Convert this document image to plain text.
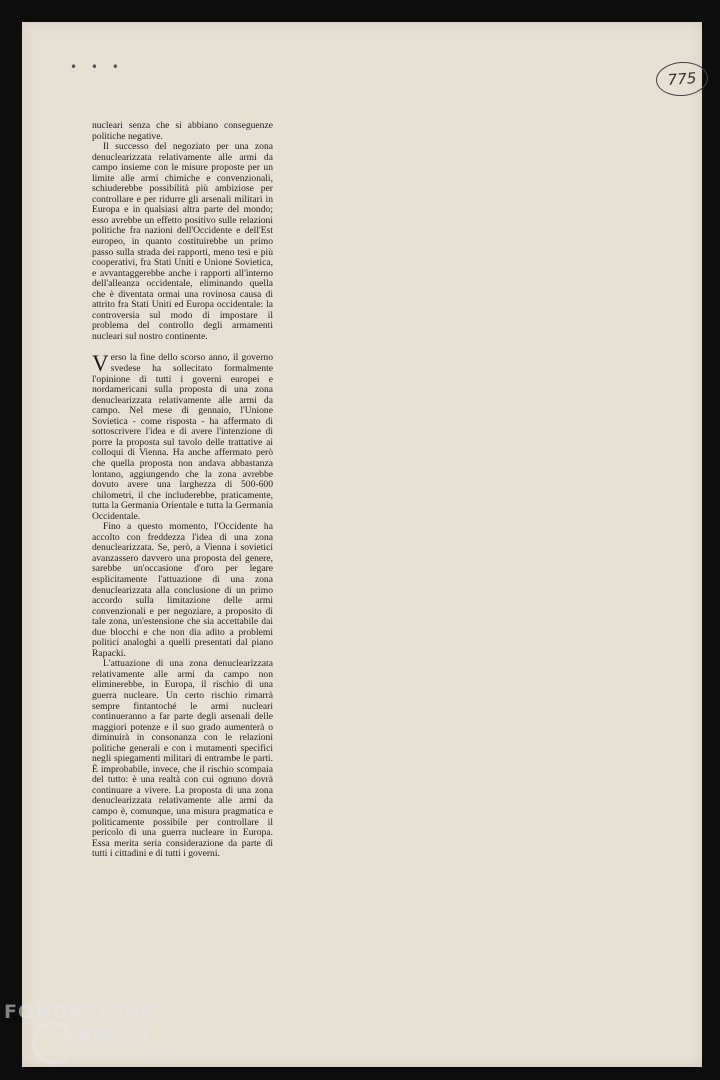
• • •
775

nucleari senza che si abbiano conseguenze politiche negative.

Il successo del negoziato per una zona denuclearizzata relativamente alle armi da campo insieme con le misure proposte per un limite alle armi chimiche e convenzionali, schiuderebbe possibilità più ambiziose per controllare e per ridurre gli arsenali militari in Europa e in qualsiasi altra parte del mondo; esso avrebbe un effetto positivo sulle relazioni politiche fra nazioni dell'Occidente e dell'Est europeo, in quanto costituirebbe un primo passo sulla strada dei rapporti, meno tesi e più cooperativi, fra Stati Uniti e Unione Sovietica, e avvantaggerebbe anche i rapporti all'interno dell'alleanza occidentale, eliminando quella che è diventata ormai una rovinosa causa di attrito fra Stati Uniti ed Europa occidentale: la controversia sul modo di impostare il problema del controllo degli armamenti nucleari sul nostro continente.

Verso la fine dello scorso anno, il governo svedese ha sollecitato formalmente l'opinione di tutti i governi europei e nordamericani sulla proposta di una zona denuclearizzata relativamente alle armi da campo. Nel mese di gennaio, l'Unione Sovietica - come risposta - ha affermato di sottoscrivere l'idea e di avere l'intenzione di porre la proposta sul tavolo delle trattative ai colloqui di Vienna. Ha anche affermato però che quella proposta non andava abbastanza lontano, aggiungendo che la zona avrebbe dovuto avere una larghezza di 500-600 chilometri, il che includerebbe, praticamente, tutta la Germania Orientale e tutta la Germania Occidentale.

Fino a questo momento, l'Occidente ha accolto con freddezza l'idea di una zona denuclearizzata. Se, però, a Vienna i sovietici avanzassero davvero una proposta del genere, sarebbe un'occasione d'oro per legare esplicitamente l'attuazione di una zona denuclearizzata alla conclusione di un primo accordo sulla limitazione delle armi convenzionali e per negoziare, a proposito di tale zona, un'estensione che sia accettabile dai due blocchi e che non dia adito a problemi politici analoghi a quelli presentati dal piano Rapacki.

L'attuazione di una zona denuclearizzata relativamente alle armi da campo non eliminerebbe, in Europa, il rischio di una guerra nucleare. Un certo rischio rimarrà sempre fintantoché le armi nucleari continueranno a far parte degli arsenali delle maggiori potenze e il suo grado aumenterà o diminuirà in consonanza con le relazioni politiche generali e con i mutamenti specifici negli spiegamenti militari di entrambe le parti. È improbabile, invece, che il rischio scompaia del tutto: è una realtà con cui ognuno dovrà continuare a vivere. La proposta di una zona denuclearizzata relativamente alle armi da campo è, comunque, una misura pragmatica e politicamente possibile per controllare il pericolo di una guerra nucleare in Europa. Essa merita seria considerazione da parte di tutti i cittadini e di tutti i governi.

FONDAZIONE
RAMSCI
onlus
